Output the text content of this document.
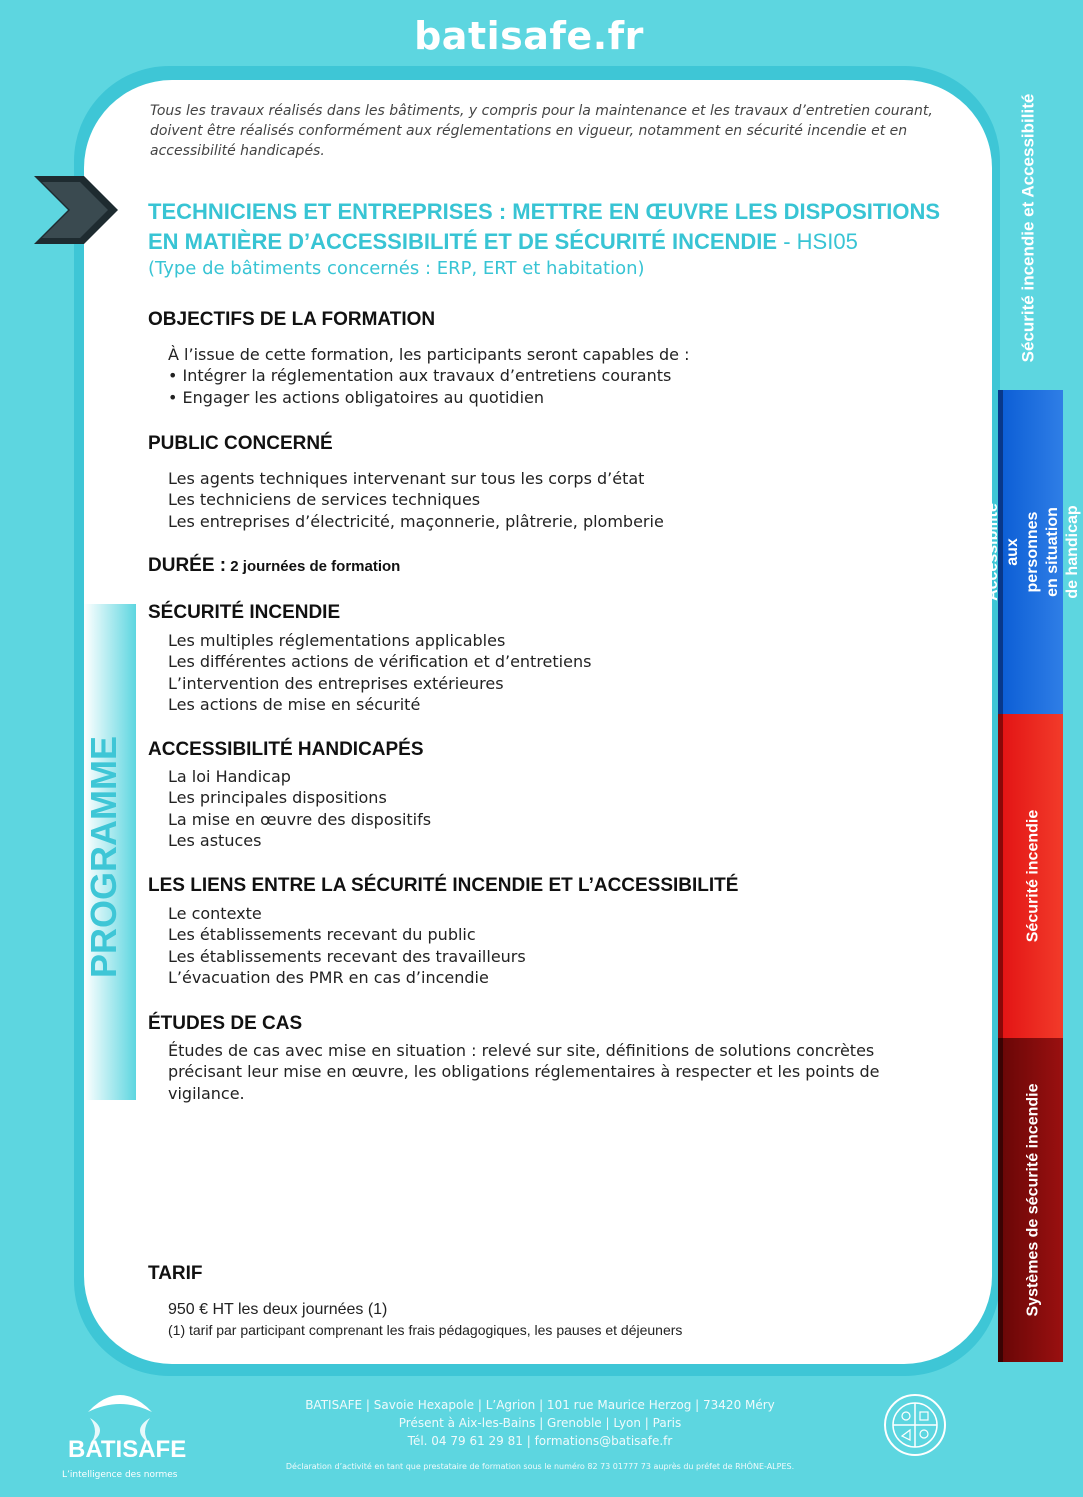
batisafe.fr
Tous les travaux réalisés dans les bâtiments, y compris pour la maintenance et les travaux d’entretien courant, doivent être réalisés conformément aux réglementations en vigueur, notamment en sécurité incendie et en accessibilité handicapés.
TECHNICIENS ET ENTREPRISES : METTRE EN ŒUVRE LES DISPOSITIONS
EN MATIÈRE D’ACCESSIBILITÉ ET DE SÉCURITÉ INCENDIE - HSI05
(Type de bâtiments concernés : ERP, ERT et habitation)
OBJECTIFS DE LA FORMATION
À l’issue de cette formation, les participants seront capables de :
• Intégrer la réglementation aux travaux d’entretiens courants
• Engager les actions obligatoires au quotidien
PUBLIC CONCERNÉ
Les agents techniques intervenant sur tous les corps d’état
Les techniciens de services techniques
Les entreprises d’électricité, maçonnerie, plâtrerie, plomberie
DURÉE : 2 journées de formation
PROGRAMME
SÉCURITÉ INCENDIE
Les multiples réglementations applicables
Les différentes actions de vérification et d’entretiens
L’intervention des entreprises extérieures
Les actions de mise en sécurité
ACCESSIBILITÉ HANDICAPÉS
La loi Handicap
Les principales dispositions
La mise en œuvre des dispositifs
Les astuces
LES LIENS ENTRE LA SÉCURITÉ INCENDIE ET L’ACCESSIBILITÉ
Le contexte
Les établissements recevant du public
Les établissements recevant des travailleurs
L’évacuation des PMR en cas d’incendie
ÉTUDES DE CAS
Études de cas avec mise en situation : relevé sur site, définitions de solutions concrètes précisant leur mise en œuvre, les obligations réglementaires à respecter et les points de vigilance.
TARIF
950 € HT les deux journées (1)
(1) tarif par participant comprenant les frais pédagogiques, les pauses et déjeuners
Sécurité incendie et Accessibilité
Accessibilité aux personnes en situation de handicap
Sécurité incendie
Systèmes de sécurité incendie
BATISAFE
L’intelligence des normes
BATISAFE | Savoie Hexapole | L’Agrion | 101 rue Maurice Herzog | 73420 Méry
Présent à Aix-les-Bains | Grenoble | Lyon | Paris
Tél. 04 79 61 29 81 | formations@batisafe.fr
Déclaration d’activité en tant que prestataire de formation sous le numéro 82 73 01777 73 auprès du préfet de RHÔNE-ALPES.
